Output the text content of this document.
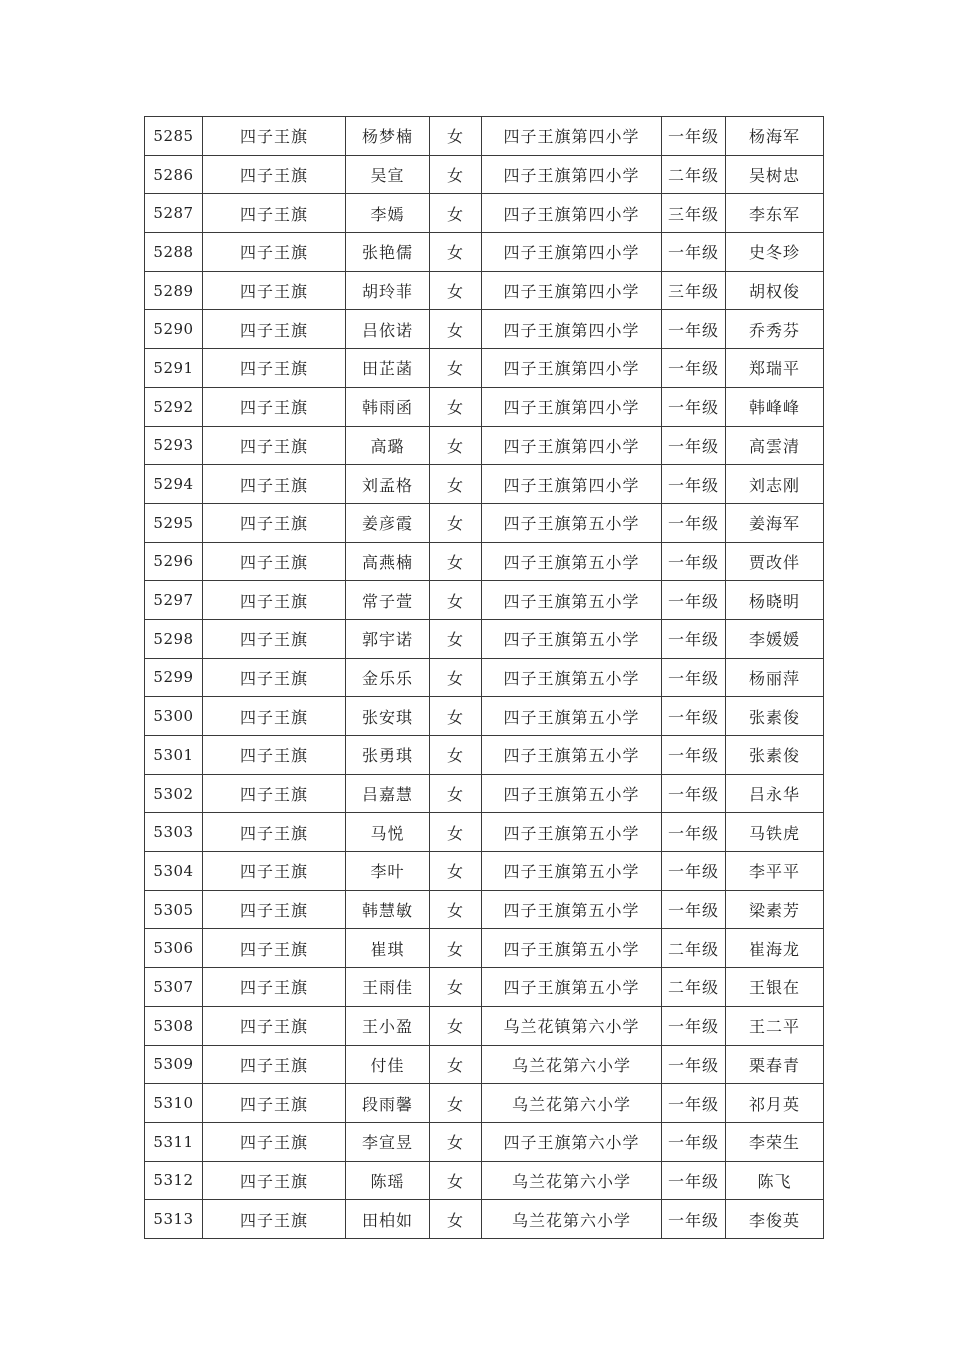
5285	四子王旗	杨梦楠	女	四子王旗第四小学	一年级	杨海军
5286	四子王旗	吴宣	女	四子王旗第四小学	二年级	吴树忠
5287	四子王旗	李嫣	女	四子王旗第四小学	三年级	李东军
5288	四子王旗	张艳儒	女	四子王旗第四小学	一年级	史冬珍
5289	四子王旗	胡玲菲	女	四子王旗第四小学	三年级	胡权俊
5290	四子王旗	吕依诺	女	四子王旗第四小学	一年级	乔秀芬
5291	四子王旗	田芷菡	女	四子王旗第四小学	一年级	郑瑞平
5292	四子王旗	韩雨函	女	四子王旗第四小学	一年级	韩峰峰
5293	四子王旗	高璐	女	四子王旗第四小学	一年级	高雲清
5294	四子王旗	刘孟格	女	四子王旗第四小学	一年级	刘志刚
5295	四子王旗	姜彦霞	女	四子王旗第五小学	一年级	姜海军
5296	四子王旗	高燕楠	女	四子王旗第五小学	一年级	贾改伴
5297	四子王旗	常子萱	女	四子王旗第五小学	一年级	杨晓明
5298	四子王旗	郭宇诺	女	四子王旗第五小学	一年级	李媛媛
5299	四子王旗	金乐乐	女	四子王旗第五小学	一年级	杨丽萍
5300	四子王旗	张安琪	女	四子王旗第五小学	一年级	张素俊
5301	四子王旗	张勇琪	女	四子王旗第五小学	一年级	张素俊
5302	四子王旗	吕嘉慧	女	四子王旗第五小学	一年级	吕永华
5303	四子王旗	马悦	女	四子王旗第五小学	一年级	马铁虎
5304	四子王旗	李叶	女	四子王旗第五小学	一年级	李平平
5305	四子王旗	韩慧敏	女	四子王旗第五小学	一年级	梁素芳
5306	四子王旗	崔琪	女	四子王旗第五小学	二年级	崔海龙
5307	四子王旗	王雨佳	女	四子王旗第五小学	二年级	王银在
5308	四子王旗	王小盈	女	乌兰花镇第六小学	一年级	王二平
5309	四子王旗	付佳	女	乌兰花第六小学	一年级	栗春青
5310	四子王旗	段雨馨	女	乌兰花第六小学	一年级	祁月英
5311	四子王旗	李宣昱	女	四子王旗第六小学	一年级	李荣生
5312	四子王旗	陈瑶	女	乌兰花第六小学	一年级	陈飞
5313	四子王旗	田柏如	女	乌兰花第六小学	一年级	李俊英
